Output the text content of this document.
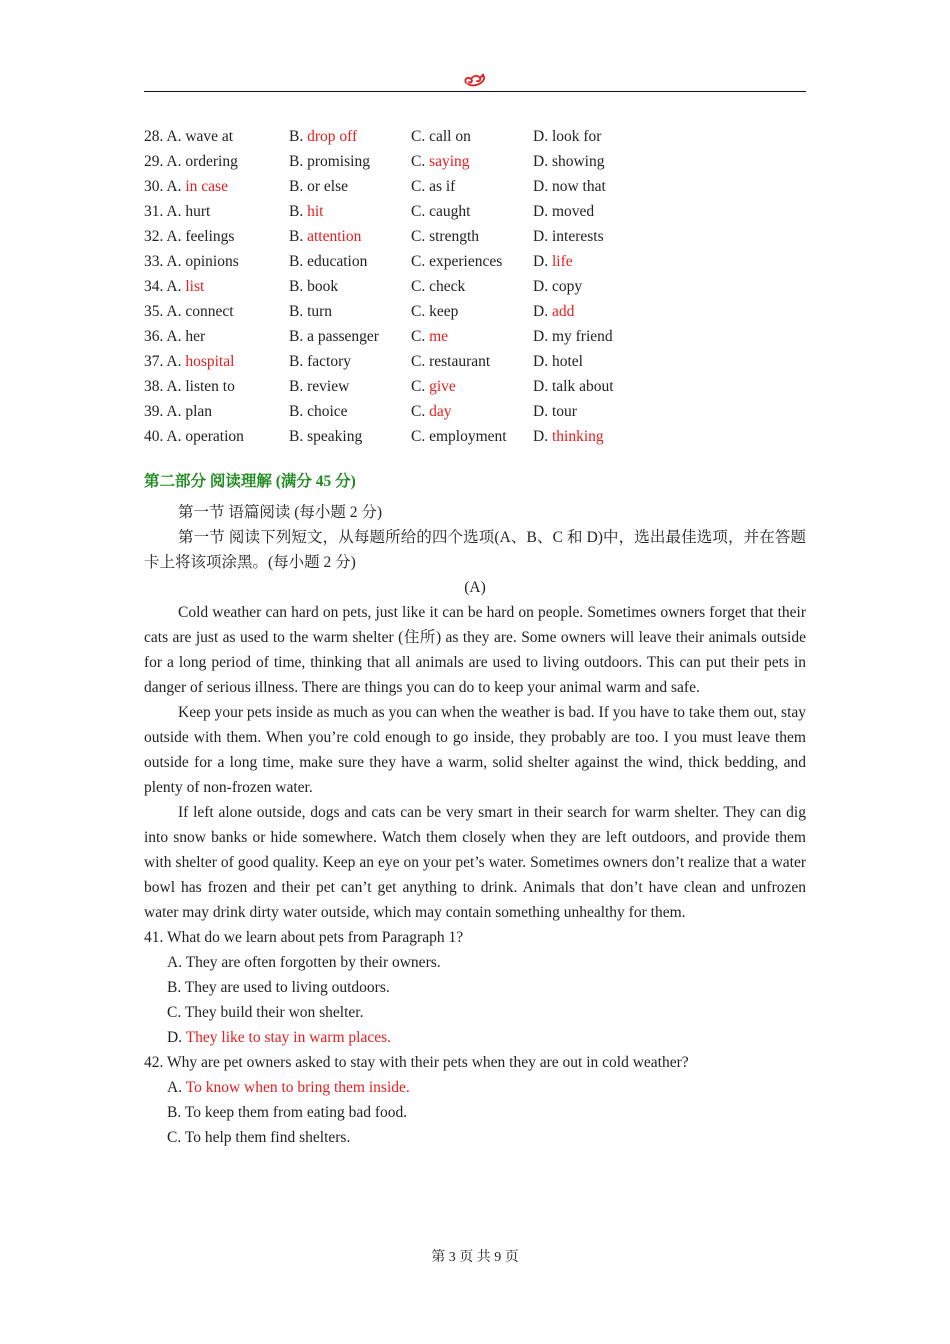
28. A. wave at	B. drop off	C. call on	D. look for
29. A. ordering	B. promising	C. saying	D. showing
30. A. in case	B. or else	C. as if	D. now that
31. A. hurt	B. hit	C. caught	D. moved
32. A. feelings	B. attention	C. strength	D. interests
33. A. opinions	B. education	C. experiences D. life
34. A. list	B. book	C. check	D. copy
35. A. connect	B. turn	C. keep	D. add
36. A. her	B. a passenger C. me	D. my friend
37. A. hospital	B. factory	C. restaurant	D. hotel
38. A. listen to	B. review	C. give	D. talk about
39. A. plan	B. choice	C. day	D. tour
40. A. operation	B. speaking	C. employment D. thinking
第二部分 阅读理解 (满分 45 分)
第一节 语篇阅读 (每小题 2 分)
第一节 阅读下列短文，从每题所给的四个选项(A、B、C 和 D)中，选出最佳选项，并在答题卡上将该项涂黑。(每小题 2 分)
(A)
Cold weather can hard on pets, just like it can be hard on people. Sometimes owners forget that their cats are just as used to the warm shelter (住所) as they are. Some owners will leave their animals outside for a long period of time, thinking that all animals are used to living outdoors. This can put their pets in danger of serious illness. There are things you can do to keep your animal warm and safe.
Keep your pets inside as much as you can when the weather is bad. If you have to take them out, stay outside with them. When you’re cold enough to go inside, they probably are too. I you must leave them outside for a long time, make sure they have a warm, solid shelter against the wind, thick bedding, and plenty of non-frozen water.
If left alone outside, dogs and cats can be very smart in their search for warm shelter. They can dig into snow banks or hide somewhere. Watch them closely when they are left outdoors, and provide them with shelter of good quality. Keep an eye on your pet’s water. Sometimes owners don’t realize that a water bowl has frozen and their pet can’t get anything to drink. Animals that don’t have clean and unfrozen water may drink dirty water outside, which may contain something unhealthy for them.
41. What do we learn about pets from Paragraph 1?
A. They are often forgotten by their owners.
B. They are used to living outdoors.
C. They build their won shelter.
D. They like to stay in warm places.
42. Why are pet owners asked to stay with their pets when they are out in cold weather?
A. To know when to bring them inside.
B. To keep them from eating bad food.
C. To help them find shelters.
第 3 页 共 9 页
